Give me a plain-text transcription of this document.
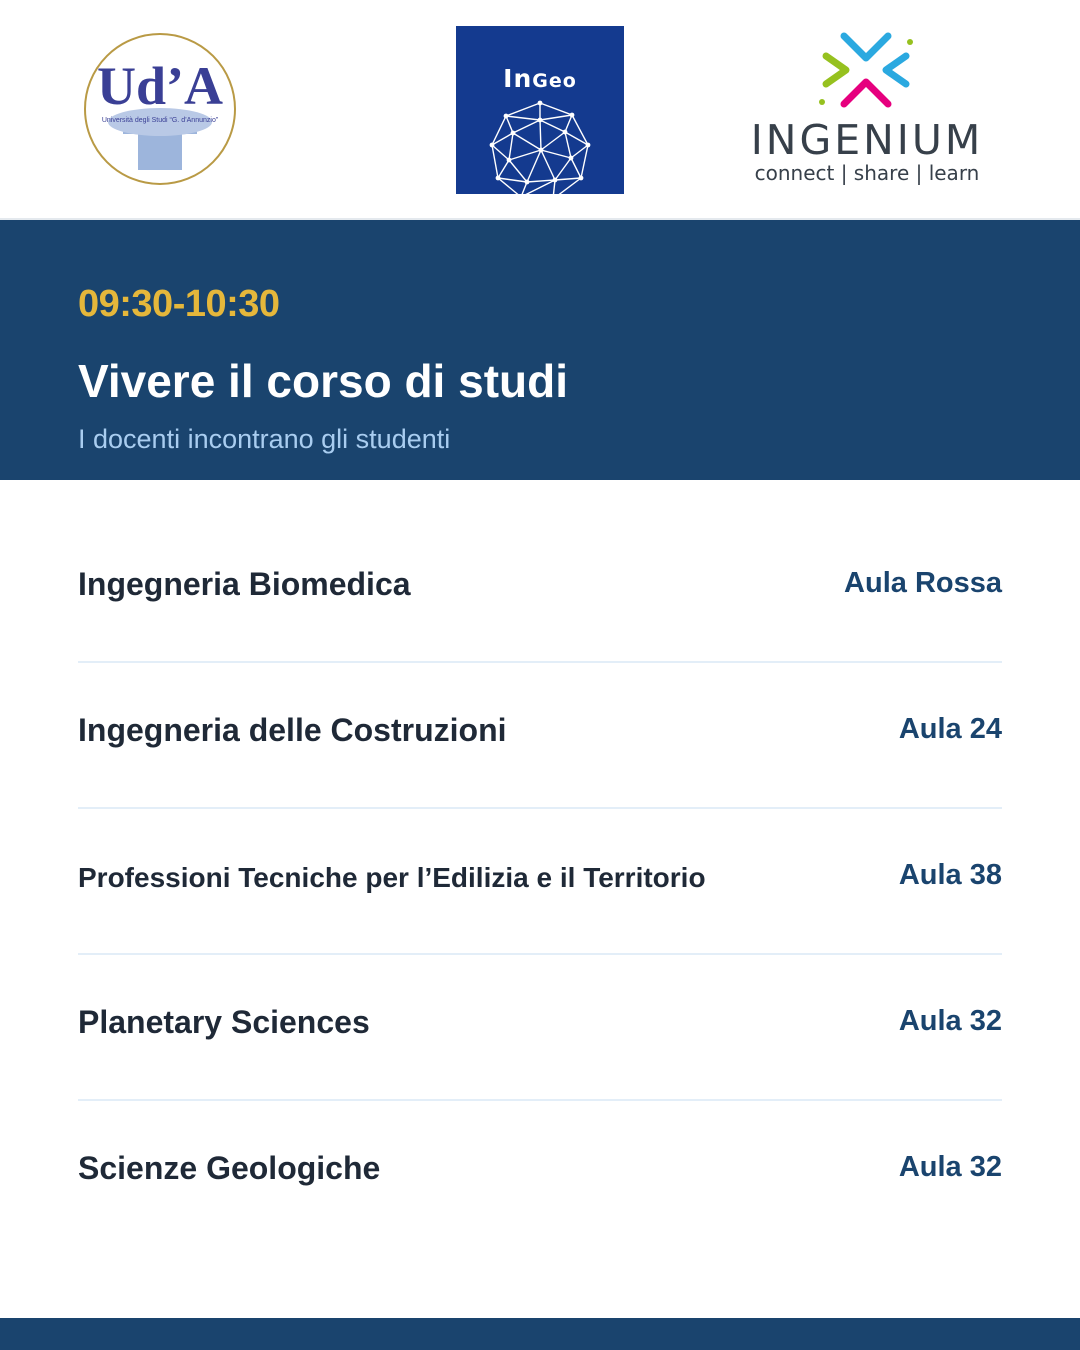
Ud’A
Università degli Studi “G. d’Annunzio”
InGeo
INGENIUM
connect | share | learn
09:30-10:30
Vivere il corso di studi
I docenti incontrano gli studenti
Ingegneria Biomedica	Aula Rossa
Ingegneria delle Costruzioni	Aula 24
Professioni Tecniche per l’Edilizia e il Territorio	Aula 38
Planetary Sciences	Aula 32
Scienze Geologiche	Aula 32
